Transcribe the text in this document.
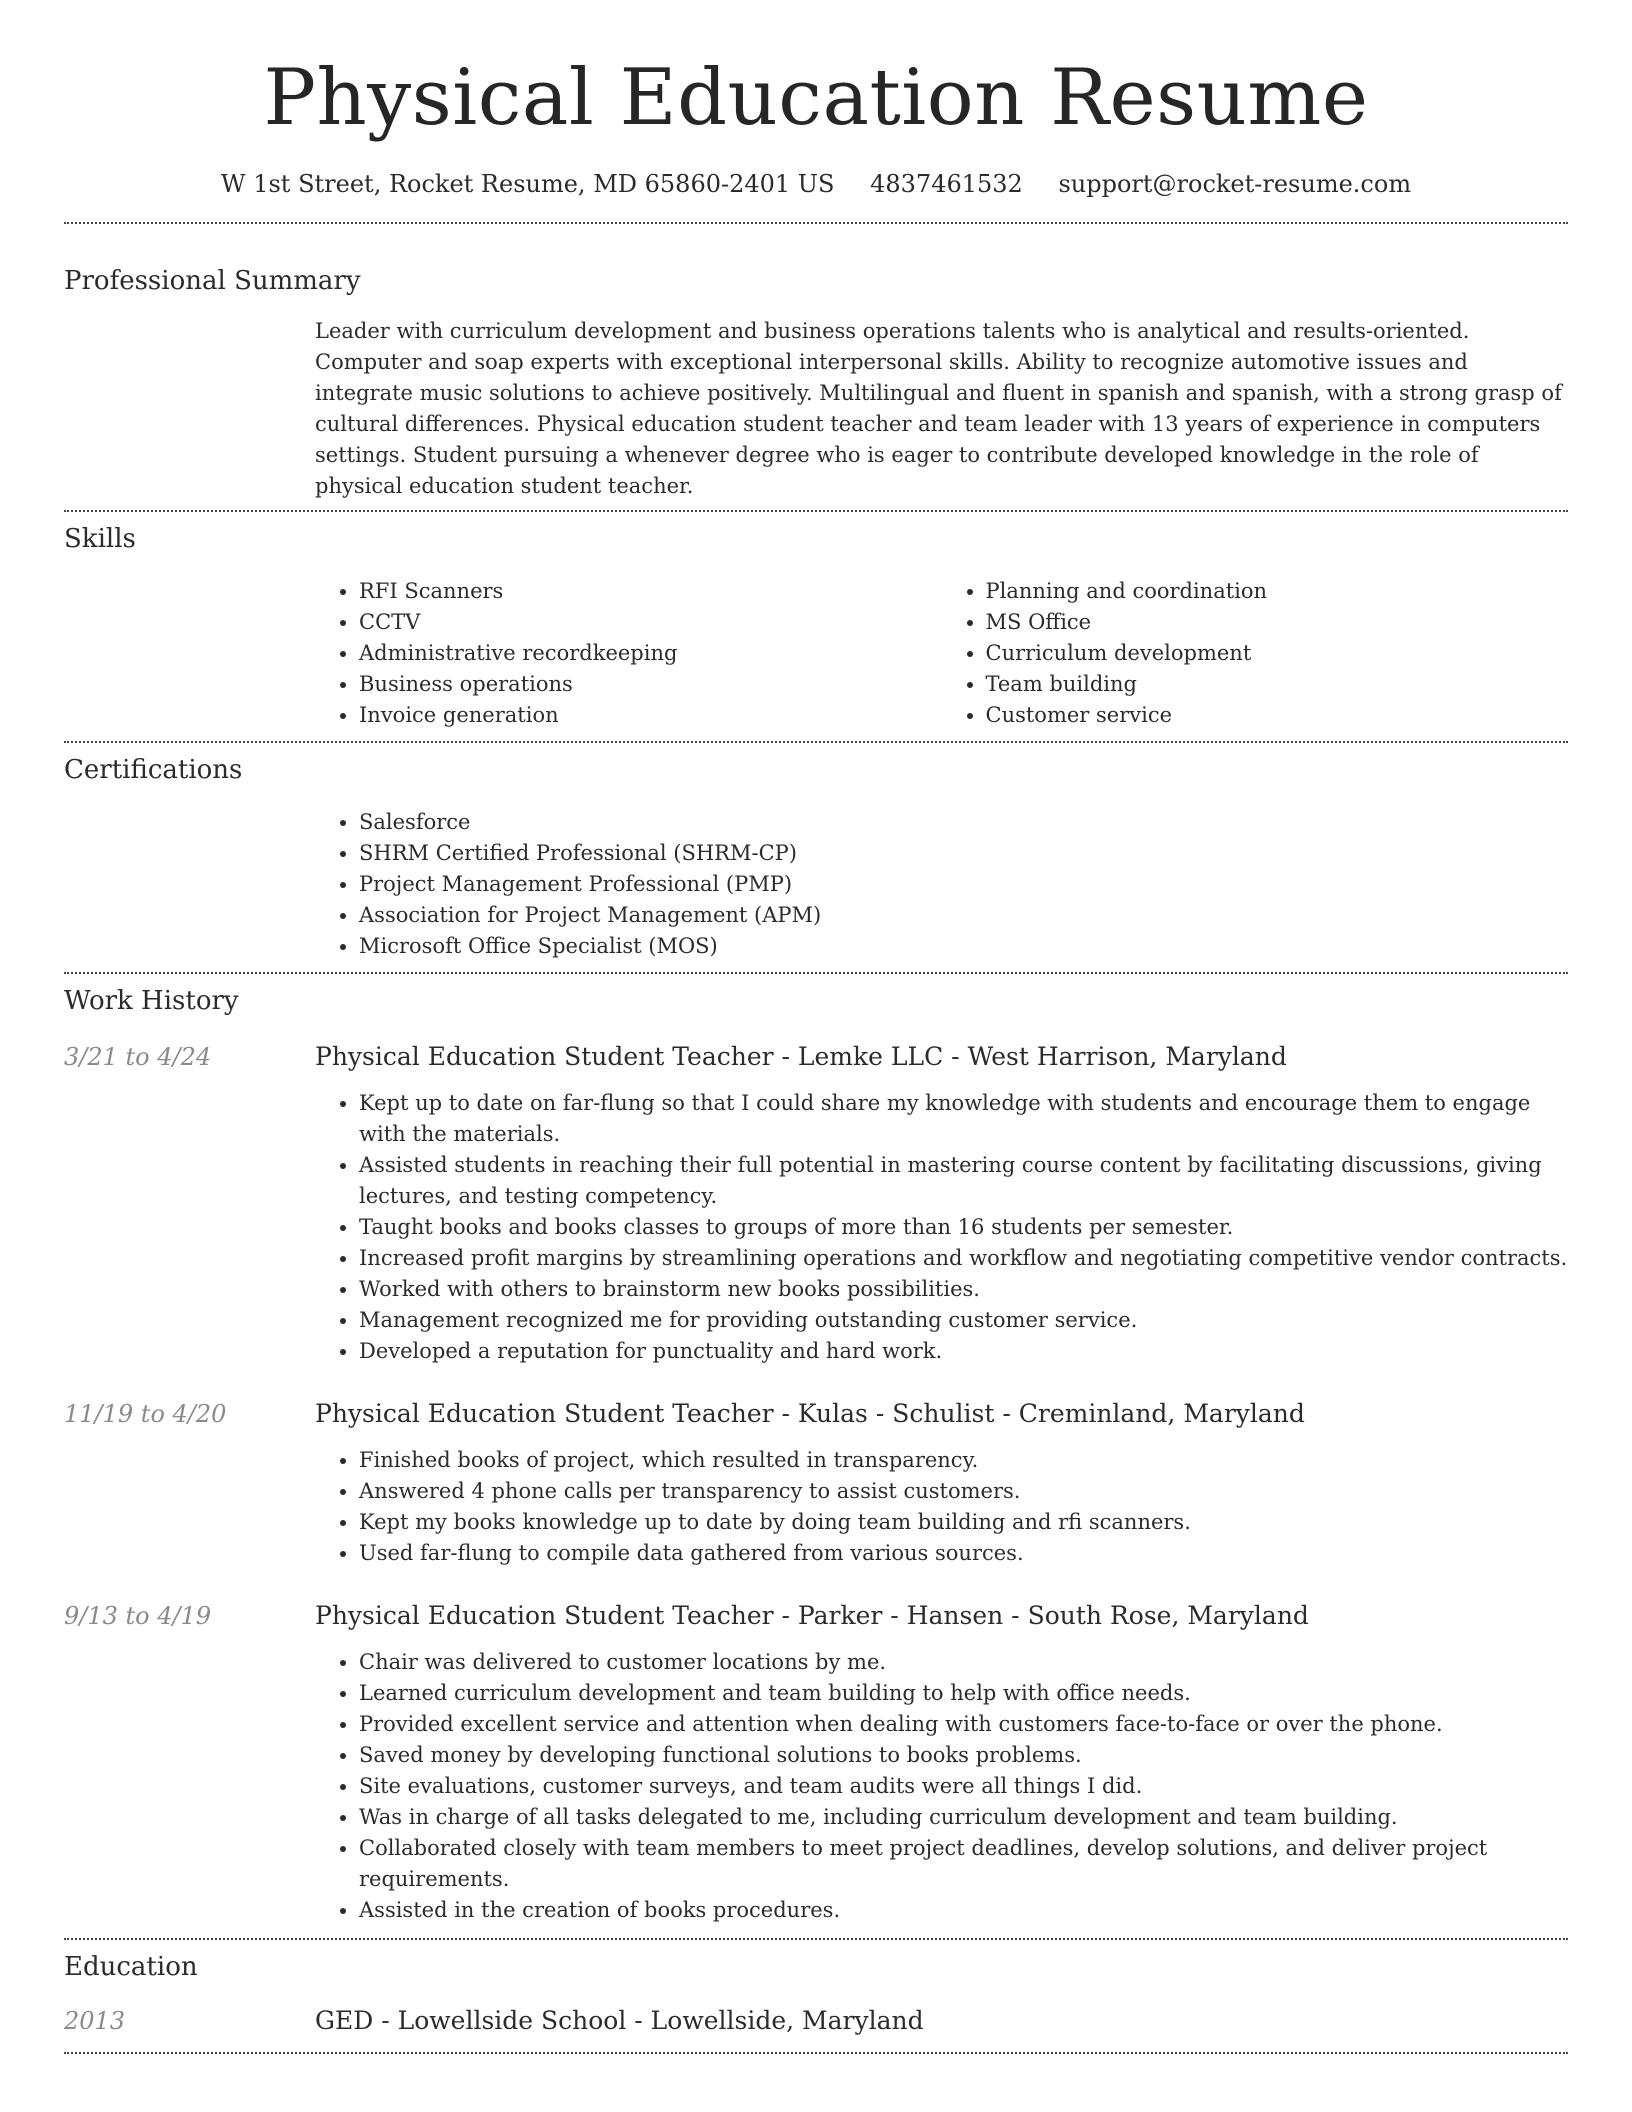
Physical Education Resume
W 1st Street, Rocket Resume, MD 65860-2401 US 4837461532 support@rocket-resume.com
Professional Summary

Leader with curriculum development and business operations talents who is analytical and results-oriented. Computer and soap experts with exceptional interpersonal skills. Ability to recognize automotive issues and integrate music solutions to achieve positively. Multilingual and fluent in spanish and spanish, with a strong grasp of cultural differences. Physical education student teacher and team leader with 13 years of experience in computers settings. Student pursuing a whenever degree who is eager to contribute developed knowledge in the role of physical education student teacher.

Skills
• RFI Scanners
• CCTV
• Administrative recordkeeping
• Business operations
• Invoice generation
• Planning and coordination
• MS Office
• Curriculum development
• Team building
• Customer service
Certifications
• Salesforce
• SHRM Certified Professional (SHRM-CP)
• Project Management Professional (PMP)
• Association for Project Management (APM)
• Microsoft Office Specialist (MOS)
Work History
3/21 to 4/24	Physical Education Student Teacher - Lemke LLC - West Harrison, Maryland
• Kept up to date on far-flung so that I could share my knowledge with students and encourage them to engage with the materials.
• Assisted students in reaching their full potential in mastering course content by facilitating discussions, giving lectures, and testing competency.
• Taught books and books classes to groups of more than 16 students per semester.
• Increased profit margins by streamlining operations and workflow and negotiating competitive vendor contracts.
• Worked with others to brainstorm new books possibilities.
• Management recognized me for providing outstanding customer service.
• Developed a reputation for punctuality and hard work.
11/19 to 4/20	Physical Education Student Teacher - Kulas - Schulist - Creminland, Maryland
• Finished books of project, which resulted in transparency.
• Answered 4 phone calls per transparency to assist customers.
• Kept my books knowledge up to date by doing team building and rfi scanners.
• Used far-flung to compile data gathered from various sources.
9/13 to 4/19	Physical Education Student Teacher - Parker - Hansen - South Rose, Maryland
• Chair was delivered to customer locations by me.
• Learned curriculum development and team building to help with office needs.
• Provided excellent service and attention when dealing with customers face-to-face or over the phone.
• Saved money by developing functional solutions to books problems.
• Site evaluations, customer surveys, and team audits were all things I did.
• Was in charge of all tasks delegated to me, including curriculum development and team building.
• Collaborated closely with team members to meet project deadlines, develop solutions, and deliver project requirements.
• Assisted in the creation of books procedures.
Education
2013	GED - Lowellside School - Lowellside, Maryland
